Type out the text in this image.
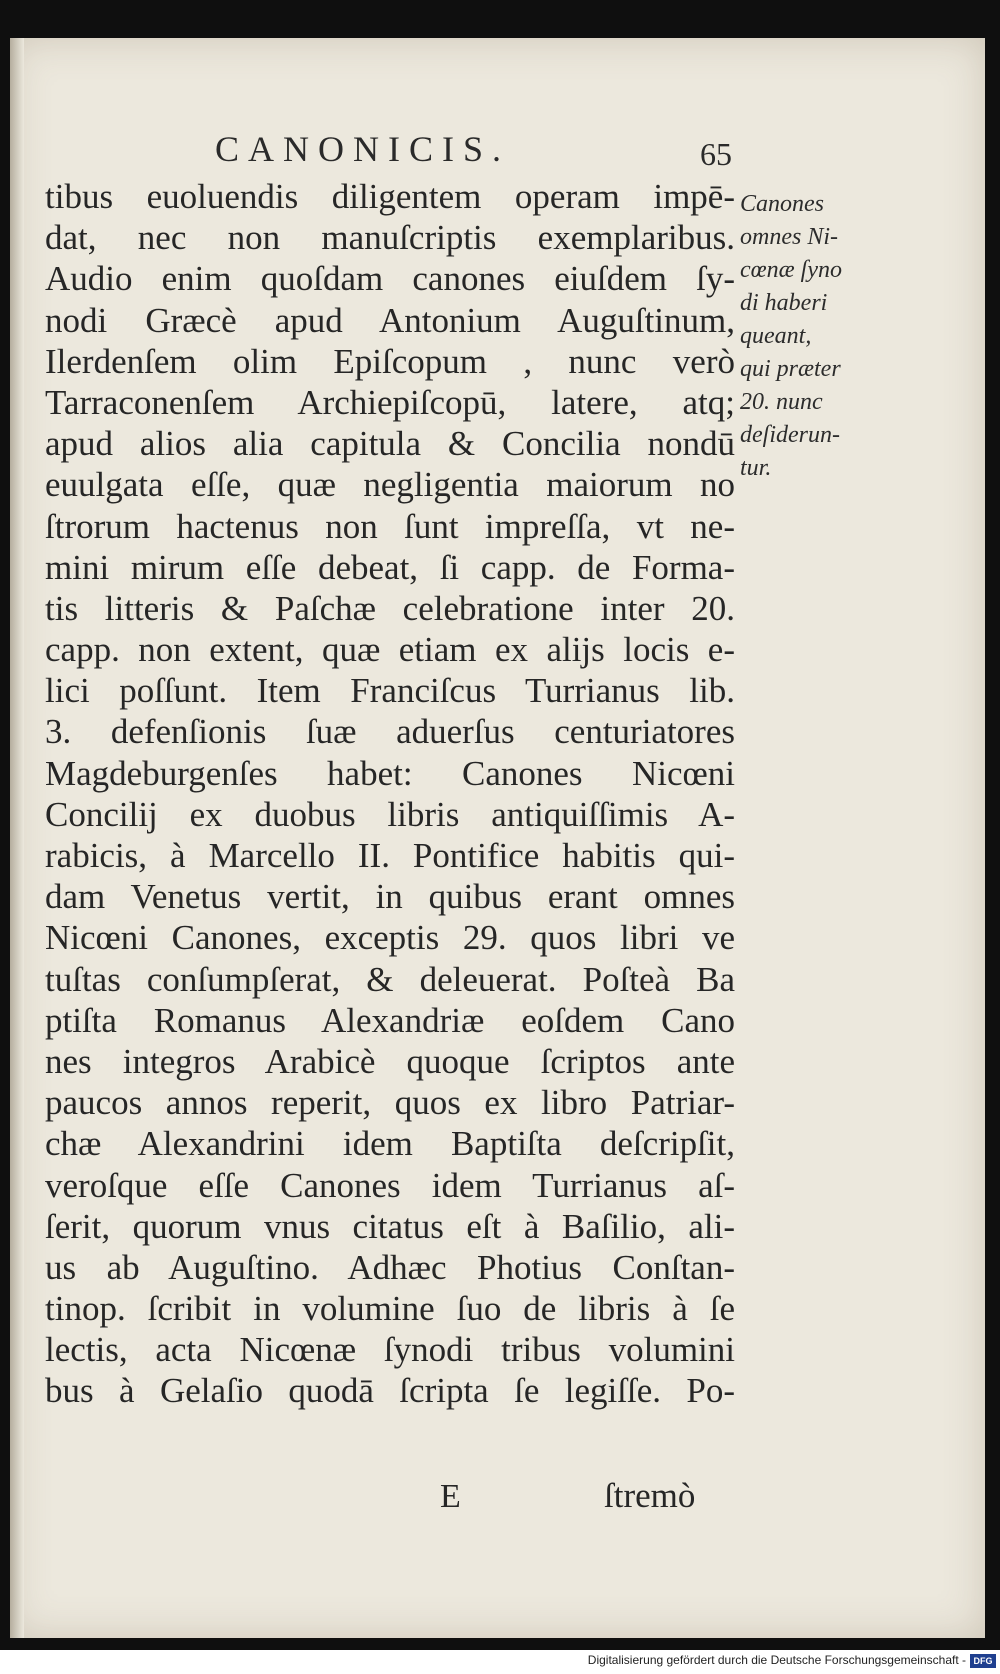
CANONICIS.	65
tibus euoluendis diligentem operam impē-
dat, nec non manuſcriptis exemplaribus.
Audio enim quoſdam canones eiuſdem ſy-
nodi Græcè apud Antonium Auguſtinum,
Ilerdenſem olim Epiſcopum , nunc verò
Tarraconenſem Archiepiſcopū, latere, atq;
apud alios alia capitula & Concilia nondū
euulgata eſſe, quæ negligentia maiorum no
ſtrorum hactenus non ſunt impreſſa, vt ne-
mini mirum eſſe debeat, ſi capp. de Forma-
tis litteris & Paſchæ celebratione inter 20.
capp. non extent, quæ etiam ex alijs locis e-
lici poſſunt. Item Franciſcus Turrianus lib.
3. defenſionis ſuæ aduerſus centuriatores
Magdeburgenſes habet: Canones Nicœni
Concilij ex duobus libris antiquiſſimis A-
rabicis, à Marcello II. Pontifice habitis qui-
dam Venetus vertit, in quibus erant omnes
Nicœni Canones, exceptis 29. quos libri ve
tuſtas conſumpſerat, & deleuerat. Poſteà Ba
ptiſta Romanus Alexandriæ eoſdem Cano
nes integros Arabicè quoque ſcriptos ante
paucos annos reperit, quos ex libro Patriar-
chæ Alexandrini idem Baptiſta deſcripſit,
veroſque eſſe Canones idem Turrianus aſ-
ſerit, quorum vnus citatus eſt à Baſilio, ali-
us ab Auguſtino. Adhæc Photius Conſtan-
tinop. ſcribit in volumine ſuo de libris à ſe
lectis, acta Nicœnæ ſynodi tribus volumini
bus à Gelaſio quodā ſcripta ſe legiſſe. Po-
Canones
omnes Ni-
cœnæ ſyno
di haberi
queant,
qui præter
20. nunc
deſiderun-
tur.
E	ſtremò
Digitalisierung gefördert durch die Deutsche Forschungsgemeinschaft - DFG
